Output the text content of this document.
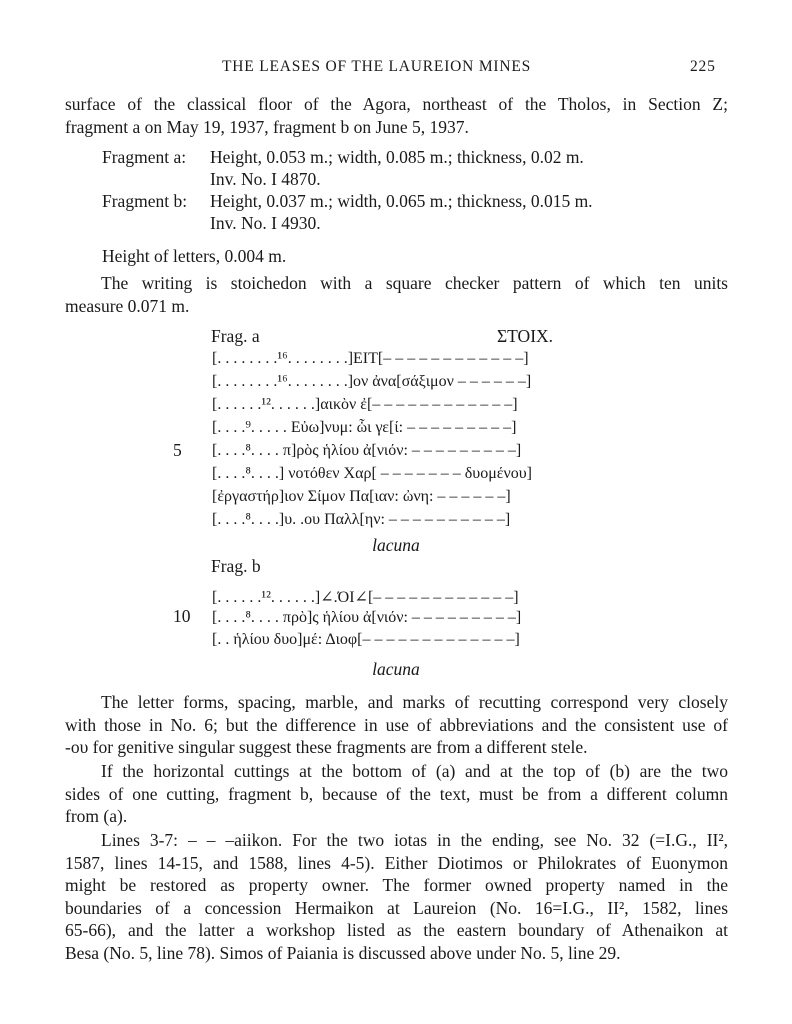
THE LEASES OF THE LAUREION MINES	225
surface of the classical floor of the Agora, northeast of the Tholos, in Section Z;
fragment a on May 19, 1937, fragment b on June 5, 1937.
Fragment a: Height, 0.053 m.; width, 0.085 m.; thickness, 0.02 m.
Inv. No. I 4870.
Fragment b: Height, 0.037 m.; width, 0.065 m.; thickness, 0.015 m.
Inv. No. I 4930.
Height of letters, 0.004 m.
The writing is stoichedon with a square checker pattern of which ten units
measure 0.071 m.
Frag. a	ΣΤΟΙΧ.
[. . . . . . . .¹⁶. . . . . . . .]ΕΙΤ[– – – – – – – – – – – –]
[. . . . . . . .¹⁶. . . . . . . .]ον ἀνα[σάξιμον – – – – – –]
[. . . . . .¹². . . . . .]αικὸν ἐ[– – – – – – – – – – – –]
[. . . .⁹. . . . . Εὐω]νυμ: ὧι γε[ί: – – – – – – – – –]
5 [. . . .⁸. . . . π]ρὸς ἡλίου ἀ[νιόν: – – – – – – – – –]
[. . . .⁸. . . .] νοτόθεν Χαρ[ – – – – – – – δυομένου]
[ἐργαστήρ]ιον Σίμον Πα[ιαν: ὠνη: – – – – – –]
[. . . .⁸. . . .]υ. .ου Παλλ[ην: – – – – – – – – – –]
lacuna
Frag. b
[. . . . . .¹². . . . . .]∠.ΌΙ∠[– – – – – – – – – – – –]
10 [. . . .⁸. . . . πρὸ]ς ἡλίου ἀ[νιόν: – – – – – – – – –]
[. . ἡλίου δυο]μέ: Διοφ[– – – – – – – – – – – – –]
lacuna
The letter forms, spacing, marble, and marks of recutting correspond very closely
with those in No. 6; but the difference in use of abbreviations and the consistent use of
-ου for genitive singular suggest these fragments are from a different stele.
If the horizontal cuttings at the bottom of (a) and at the top of (b) are the two
sides of one cutting, fragment b, because of the text, must be from a different column
from (a).
Lines 3-7: – – –aiikon. For the two iotas in the ending, see No. 32 (=I.G., II²,
1587, lines 14-15, and 1588, lines 4-5). Either Diotimos or Philokrates of Euonymon
might be restored as property owner. The former owned property named in the
boundaries of a concession Hermaikon at Laureion (No. 16=I.G., II², 1582, lines
65-66), and the latter a workshop listed as the eastern boundary of Athenaikon at
Besa (No. 5, line 78). Simos of Paiania is discussed above under No. 5, line 29.
